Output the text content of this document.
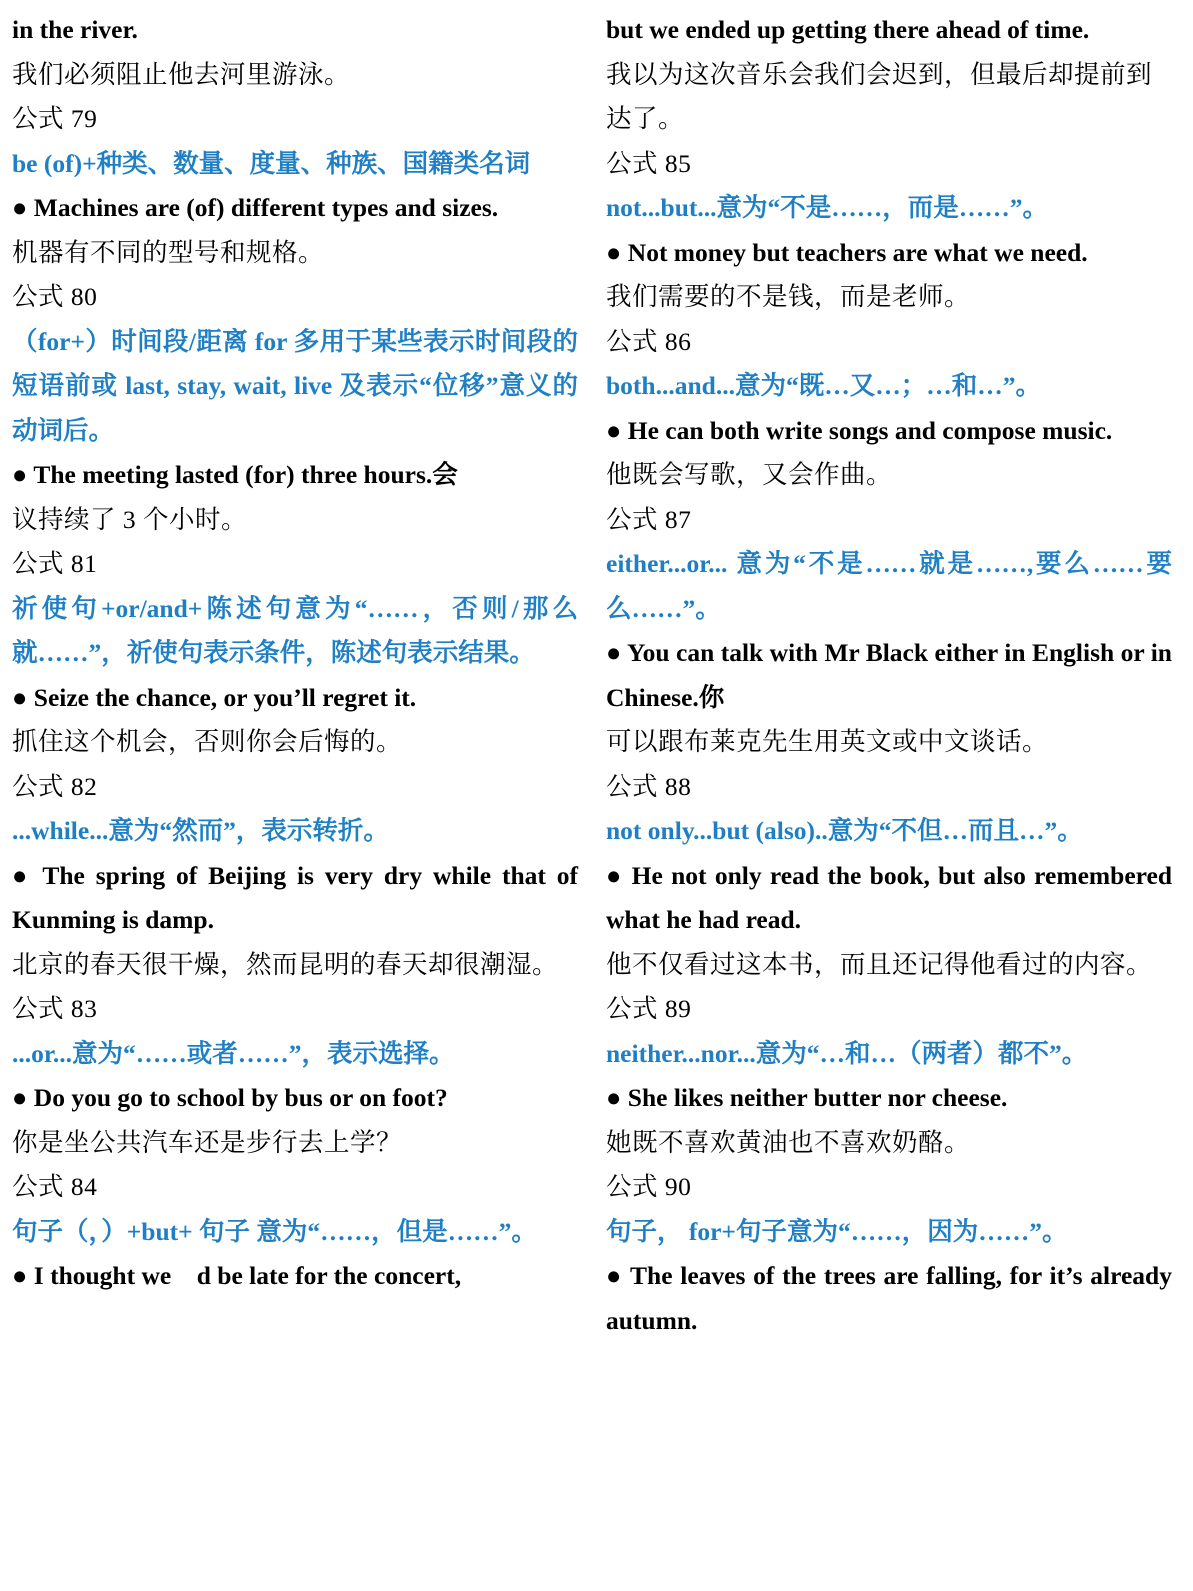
in the river.

我们必须阻止他去河里游泳。

公式 79

be (of)+种类、数量、度量、种族、国籍类名词

● Machines are (of) different types and sizes.

机器有不同的型号和规格。

公式 80

（for+）时间段/距离 for 多用于某些表示时间段的短语前或 last, stay, wait, live 及表示“位移”意义的动词后。

● The meeting lasted (for) three hours.会

议持续了 3 个小时。

公式 81

祈使句+or/and+陈述句意为“……，否则/那么就……”，祈使句表示条件，陈述句表示结果。

● Seize the chance, or you’ll regret it.

抓住这个机会，否则你会后悔的。

公式 82

...while...意为“然而”，表示转折。

● The spring of Beijing is very dry while that of Kunming is damp.

北京的春天很干燥，然而昆明的春天却很潮湿。

公式 83

...or...意为“……或者……”，表示选择。

● Do you go to school by bus or on foot?

你是坐公共汽车还是步行去上学？

公式 84

句子（，）+but+ 句子 意为“……，但是……”。

● I thought we　d be late for the concert,

but we ended up getting there ahead of time.

我以为这次音乐会我们会迟到，但最后却提前到达了。

公式 85

not...but...意为“不是……，而是……”。

● Not money but teachers are what we need.

我们需要的不是钱，而是老师。

公式 86

both...and...意为“既…又…；…和…”。

● He can both write songs and compose music.

他既会写歌，又会作曲。

公式 87

either...or... 意为“不是……就是……,要么……要么……”。

● You can talk with Mr Black either in English or in Chinese.你

可以跟布莱克先生用英文或中文谈话。

公式 88

not only...but (also)..意为“不但…而且…”。

● He not only read the book, but also remembered what he had read.

他不仅看过这本书，而且还记得他看过的内容。

公式 89

neither...nor...意为“…和…（两者）都不”。

● She likes neither butter nor cheese.

她既不喜欢黄油也不喜欢奶酪。

公式 90

句子， for+句子意为“……，因为……”。

● The leaves of the trees are falling, for it’s already autumn.
